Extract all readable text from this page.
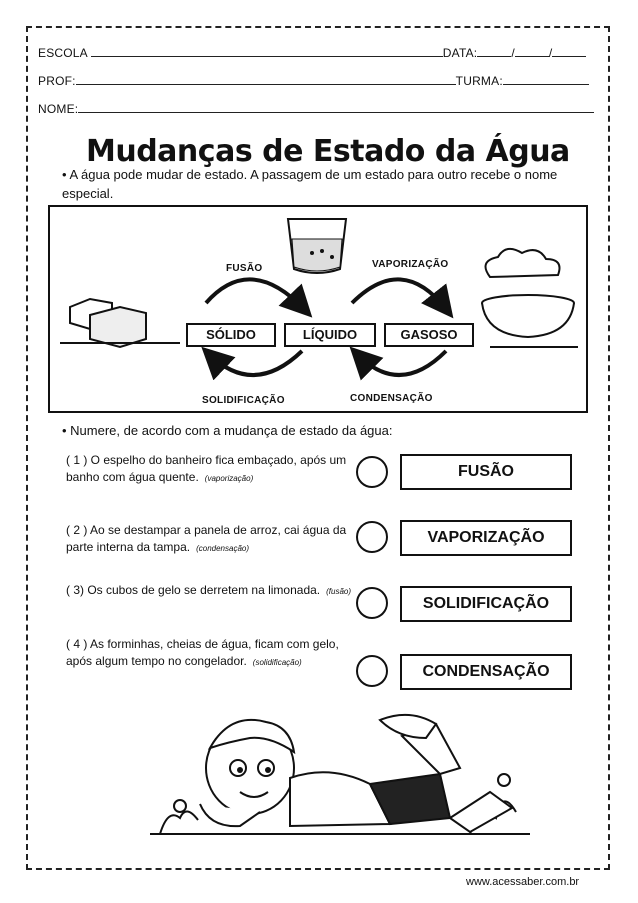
ESCOLA	DATA:	/	/
PROF:	TURMA:
NOME:
Mudanças de Estado da Água
• A água pode mudar de estado. A passagem de um estado para outro recebe o nome especial.
SÓLIDO	LÍQUIDO	GASOSO
FUSÃO	VAPORIZAÇÃO
SOLIDIFICAÇÃO	CONDENSAÇÃO
• Numere, de acordo com a mudança de estado da água:
( 1 ) O espelho do banheiro fica embaçado, após um banho com água quente. (vaporização)
( 2 ) Ao se destampar a panela de arroz, cai água da parte interna da tampa. (condensação)
( 3) Os cubos de gelo se derretem na limonada. (fusão)
( 4 ) As forminhas, cheias de água, ficam com gelo, após algum tempo no congelador. (solidificação)
FUSÃO
VAPORIZAÇÃO
SOLIDIFICAÇÃO
CONDENSAÇÃO
www.acessaber.com.br
